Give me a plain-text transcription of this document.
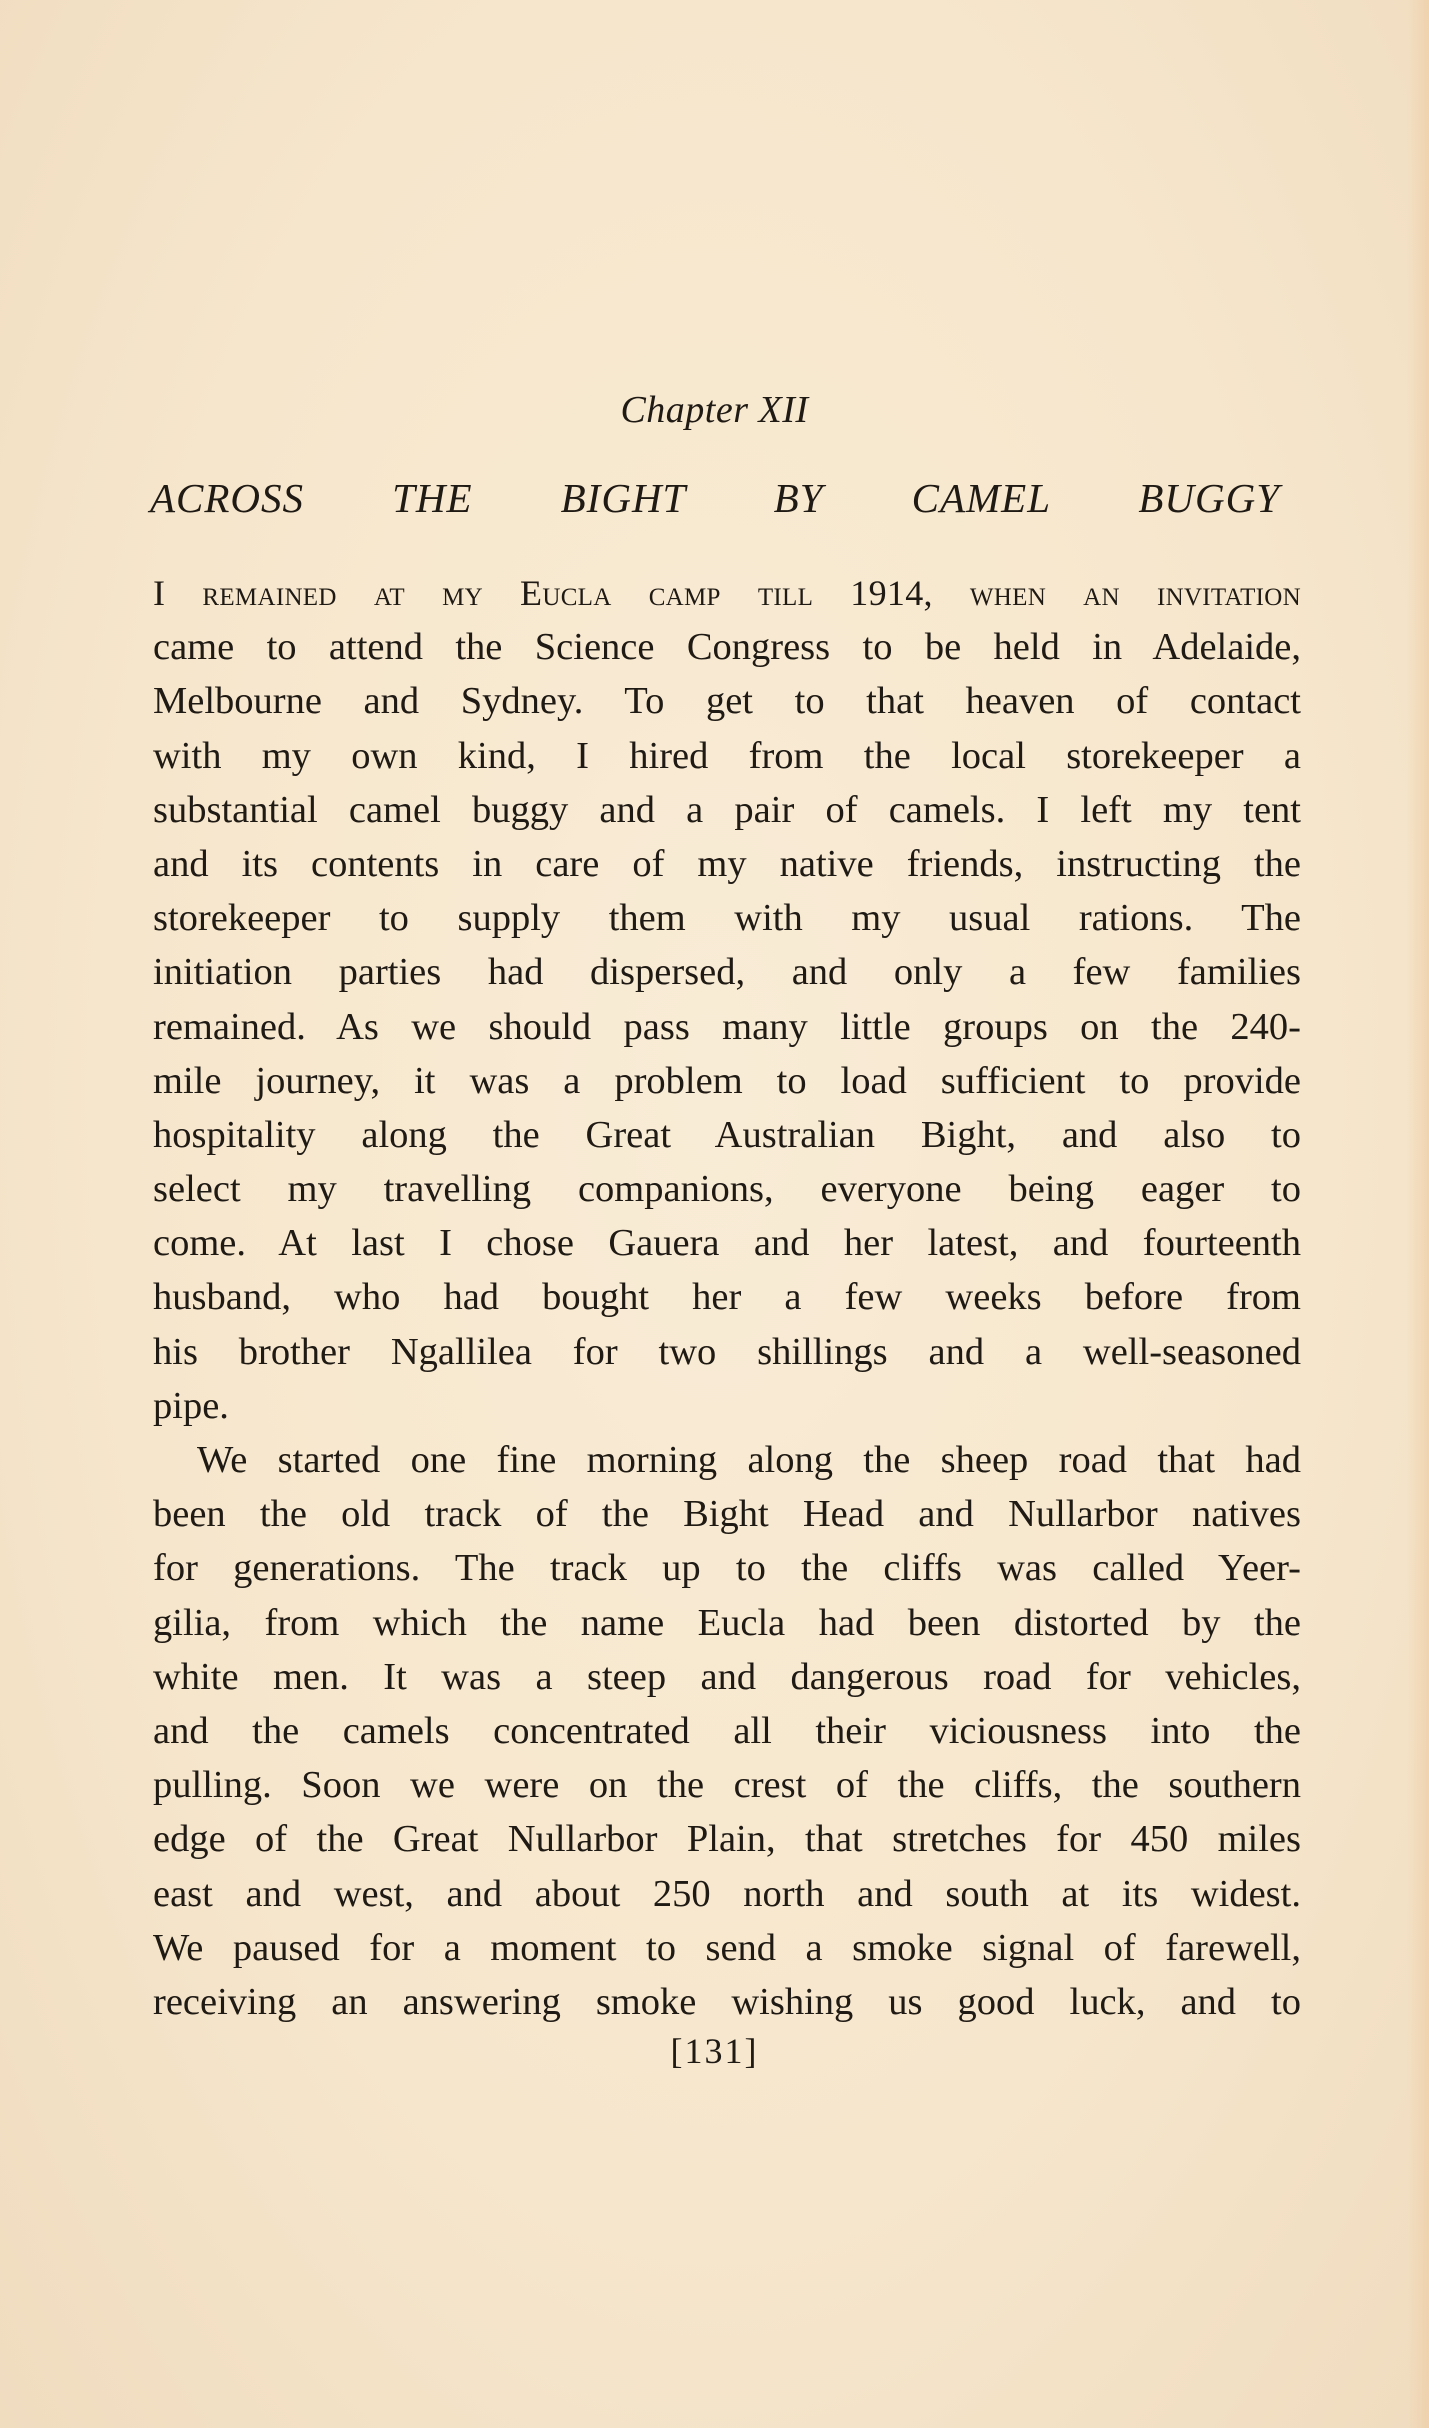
Chapter XII
ACROSS THE BIGHT BY CAMEL BUGGY
I remained at my Eucla camp till 1914, when an invitation
came to attend the Science Congress to be held in Adelaide,
Melbourne and Sydney. To get to that heaven of contact
with my own kind, I hired from the local storekeeper a
substantial camel buggy and a pair of camels. I left my tent
and its contents in care of my native friends, instructing the
storekeeper to supply them with my usual rations. The
initiation parties had dispersed, and only a few families
remained. As we should pass many little groups on the 240-
mile journey, it was a problem to load sufficient to provide
hospitality along the Great Australian Bight, and also to
select my travelling companions, everyone being eager to
come. At last I chose Gauera and her latest, and fourteenth
husband, who had bought her a few weeks before from
his brother Ngallilea for two shillings and a well-seasoned
pipe.
We started one fine morning along the sheep road that had
been the old track of the Bight Head and Nullarbor natives
for generations. The track up to the cliffs was called Yeer-
gilia, from which the name Eucla had been distorted by the
white men. It was a steep and dangerous road for vehicles,
and the camels concentrated all their viciousness into the
pulling. Soon we were on the crest of the cliffs, the southern
edge of the Great Nullarbor Plain, that stretches for 450 miles
east and west, and about 250 north and south at its widest.
We paused for a moment to send a smoke signal of farewell,
receiving an answering smoke wishing us good luck, and to
[131]
